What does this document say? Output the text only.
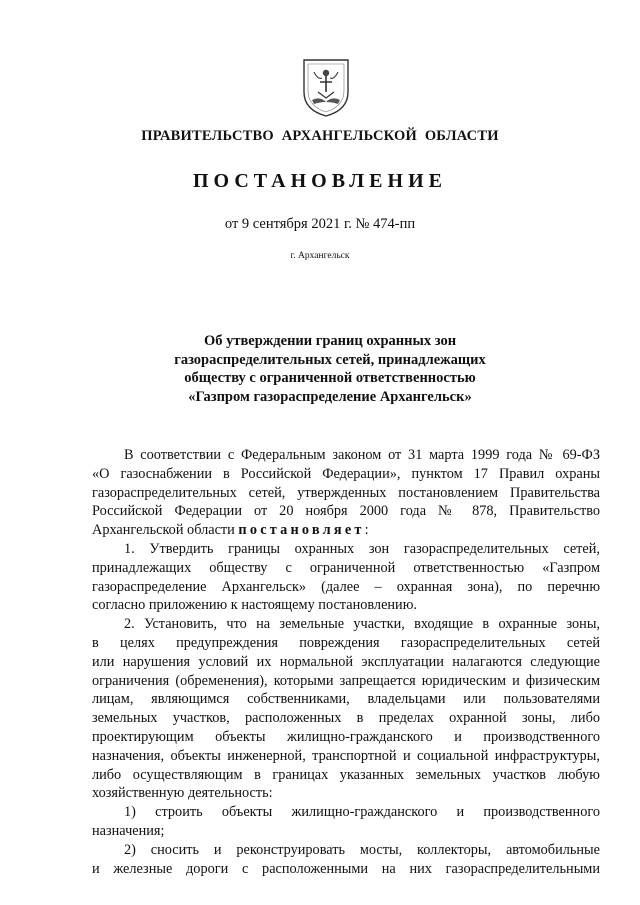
ПРАВИТЕЛЬСТВО АРХАНГЕЛЬСКОЙ ОБЛАСТИ
ПОСТАНОВЛЕНИЕ
от 9 сентября 2021 г. № 474-пп
г. Архангельск
Об утверждении границ охранных зон
газораспределительных сетей, принадлежащих
обществу с ограниченной ответственностью
«Газпром газораспределение Архангельск»
В соответствии с Федеральным законом от 31 марта 1999 года № 69-ФЗ
«О газоснабжении в Российской Федерации», пунктом 17 Правил охраны
газораспределительных сетей, утвержденных постановлением Правительства
Российской Федерации от 20 ноября 2000 года № 878, Правительство
Архангельской области постановляет:
1. Утвердить границы охранных зон газораспределительных сетей,
принадлежащих обществу с ограниченной ответственностью «Газпром
газораспределение Архангельск» (далее – охранная зона), по перечню
согласно приложению к настоящему постановлению.
2. Установить, что на земельные участки, входящие в охранные зоны,
в целях предупреждения повреждения газораспределительных сетей
или нарушения условий их нормальной эксплуатации налагаются следующие
ограничения (обременения), которыми запрещается юридическим и физическим
лицам, являющимся собственниками, владельцами или пользователями
земельных участков, расположенных в пределах охранной зоны, либо
проектирующим объекты жилищно-гражданского и производственного
назначения, объекты инженерной, транспортной и социальной инфраструктуры,
либо осуществляющим в границах указанных земельных участков любую
хозяйственную деятельность:
1) строить объекты жилищно-гражданского и производственного
назначения;
2) сносить и реконструировать мосты, коллекторы, автомобильные
и железные дороги с расположенными на них газораспределительными
